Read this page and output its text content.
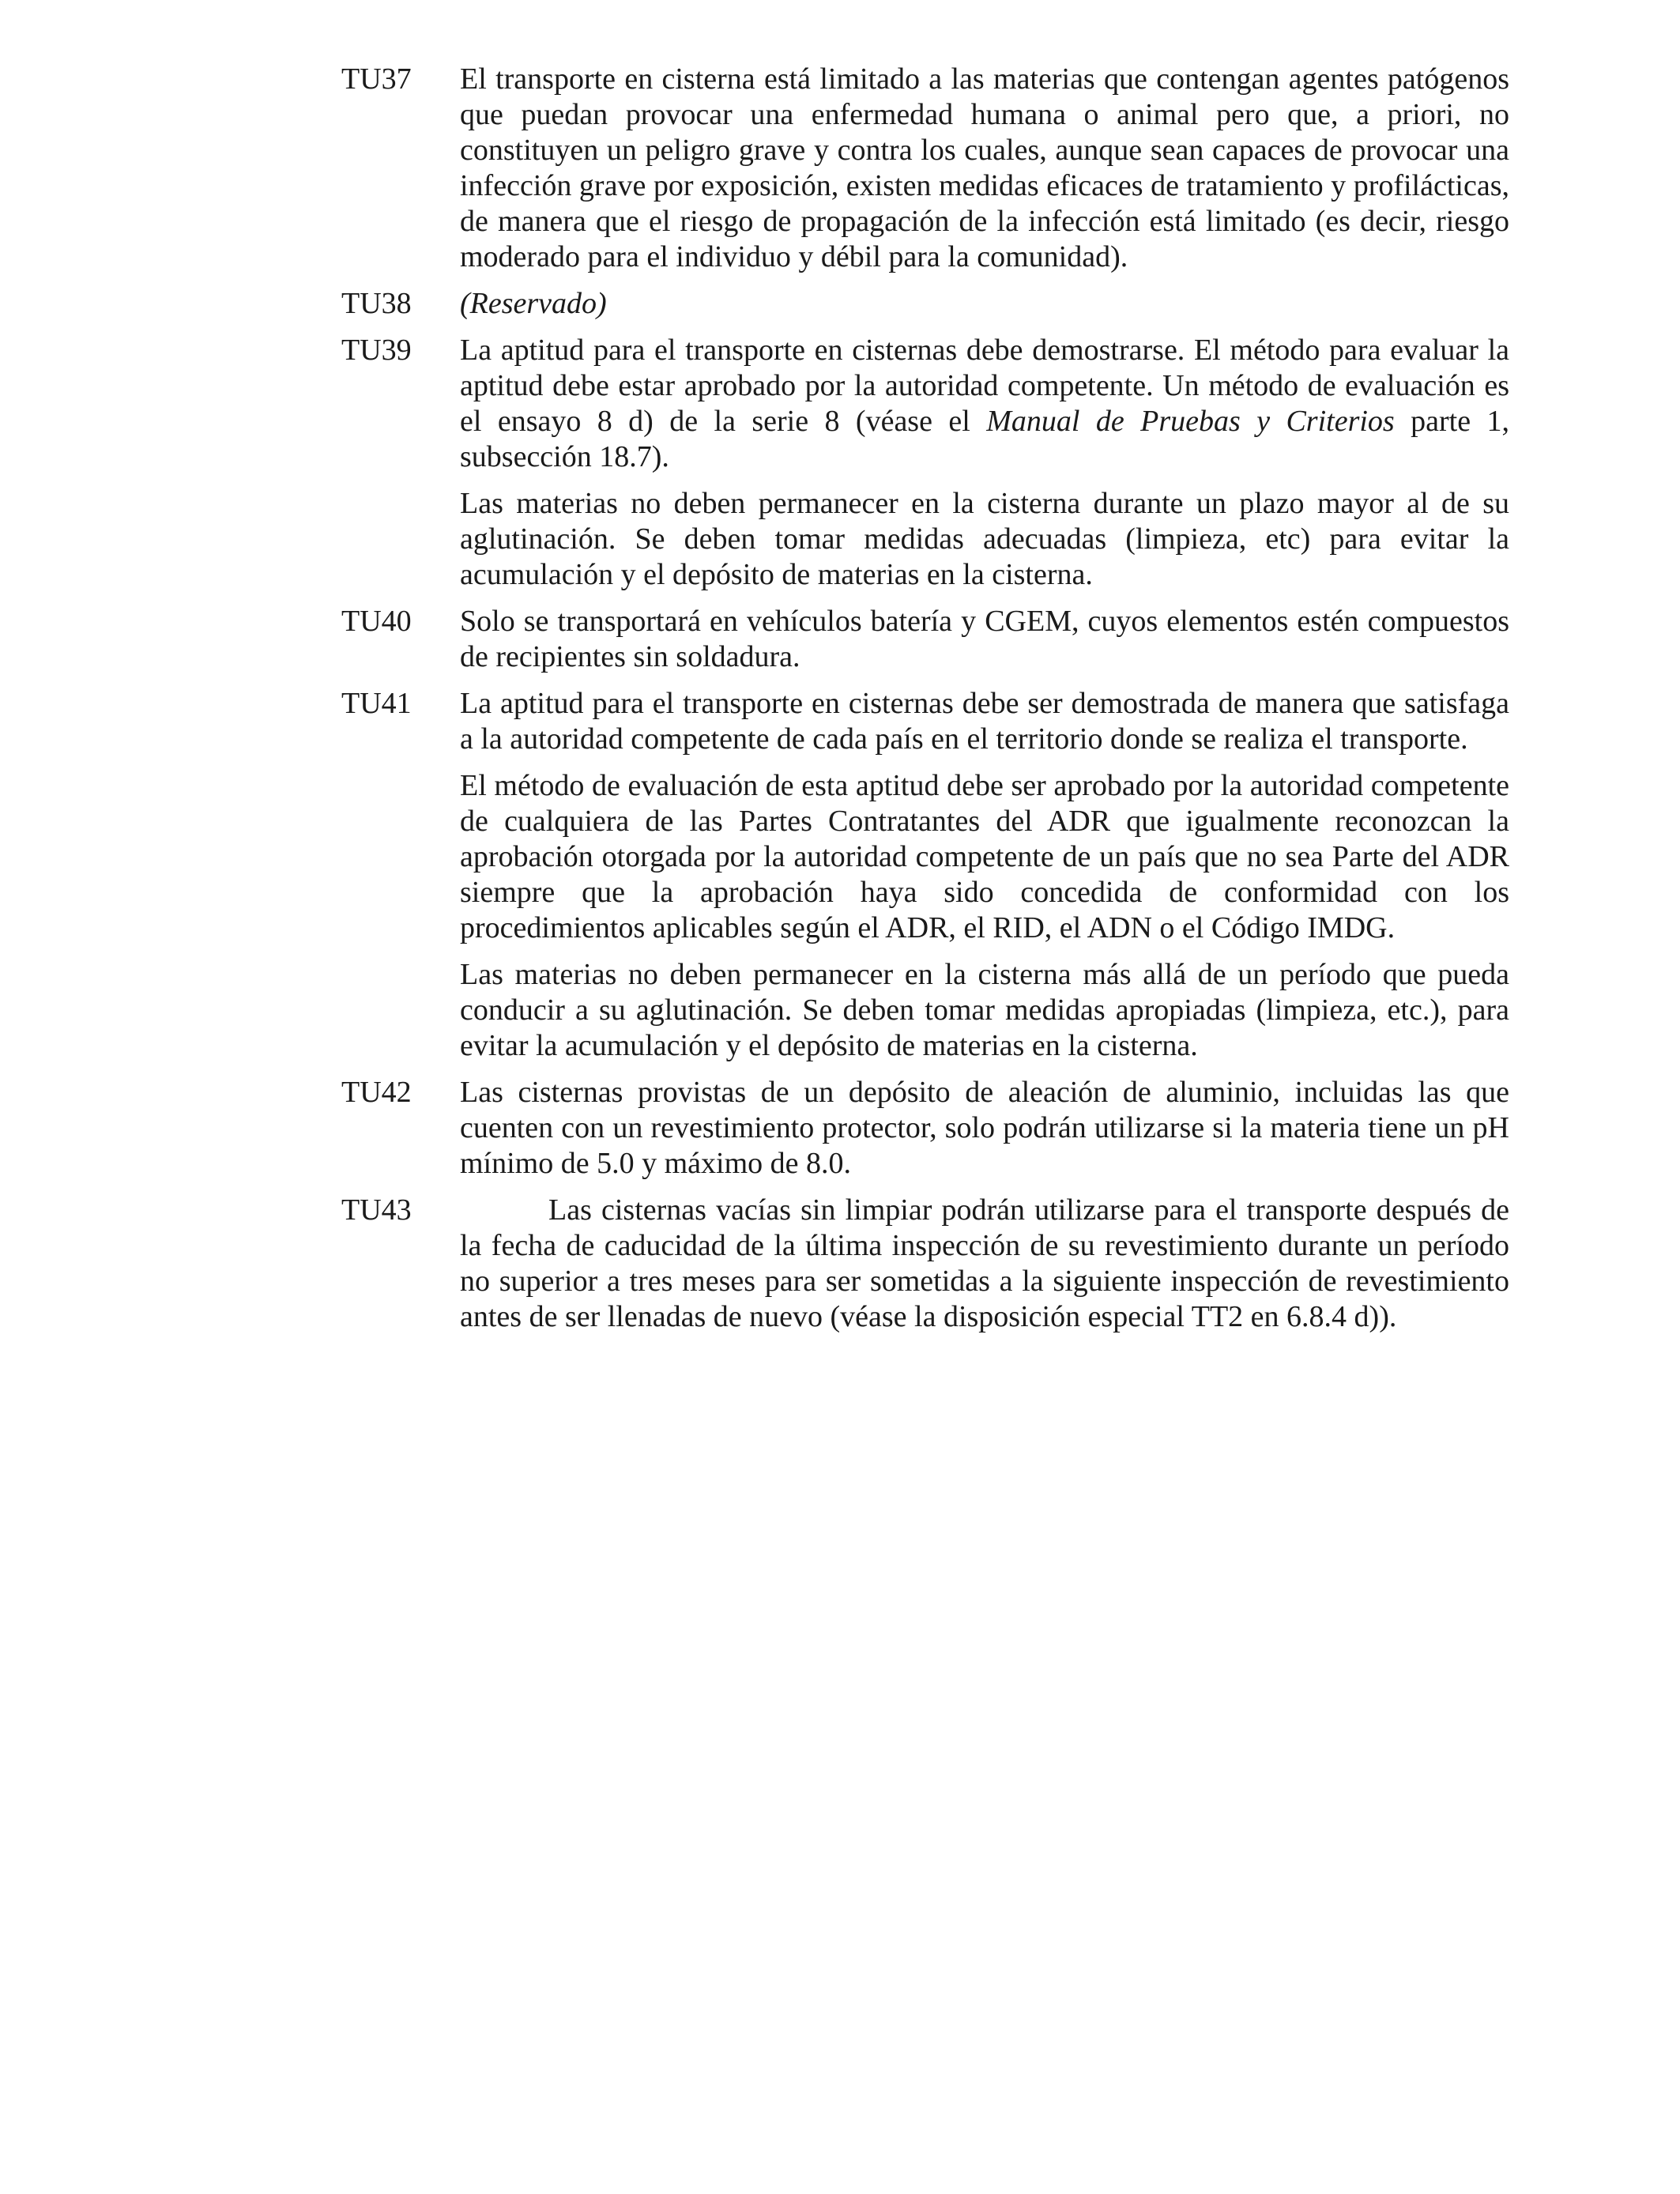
TU37	El transporte en cisterna está limitado a las materias que contengan agentes patógenos que puedan provocar una enfermedad humana o animal pero que, a priori, no constituyen un peligro grave y contra los cuales, aunque sean capaces de provocar una infección grave por exposición, existen medidas eficaces de tratamiento y profilácticas, de manera que el riesgo de propagación de la infección está limitado (es decir, riesgo moderado para el individuo y débil para la comunidad).

TU38	(Reservado)

TU39	La aptitud para el transporte en cisternas debe demostrarse. El método para evaluar la aptitud debe estar aprobado por la autoridad competente. Un método de evaluación es el ensayo 8 d) de la serie 8 (véase el Manual de Pruebas y Criterios parte 1, subsección 18.7).

Las materias no deben permanecer en la cisterna durante un plazo mayor al de su aglutinación. Se deben tomar medidas adecuadas (limpieza, etc) para evitar la acumulación y el depósito de materias en la cisterna.

TU40	Solo se transportará en vehículos batería y CGEM, cuyos elementos estén compuestos de recipientes sin soldadura.

TU41	La aptitud para el transporte en cisternas debe ser demostrada de manera que satisfaga a la autoridad competente de cada país en el territorio donde se realiza el transporte.

El método de evaluación de esta aptitud debe ser aprobado por la autoridad competente de cualquiera de las Partes Contratantes del ADR que igualmente reconozcan la aprobación otorgada por la autoridad competente de un país que no sea Parte del ADR siempre que la aprobación haya sido concedida de conformidad con los procedimientos aplicables según el ADR, el RID, el ADN o el Código IMDG.

Las materias no deben permanecer en la cisterna más allá de un período que pueda conducir a su aglutinación. Se deben tomar medidas apropiadas (limpieza, etc.), para evitar la acumulación y el depósito de materias en la cisterna.

TU42	Las cisternas provistas de un depósito de aleación de aluminio, incluidas las que cuenten con un revestimiento protector, solo podrán utilizarse si la materia tiene un pH mínimo de 5.0 y máximo de 8.0.

TU43	Las cisternas vacías sin limpiar podrán utilizarse para el transporte después de la fecha de caducidad de la última inspección de su revestimiento durante un período no superior a tres meses para ser sometidas a la siguiente inspección de revestimiento antes de ser llenadas de nuevo (véase la disposición especial TT2 en 6.8.4 d)).
